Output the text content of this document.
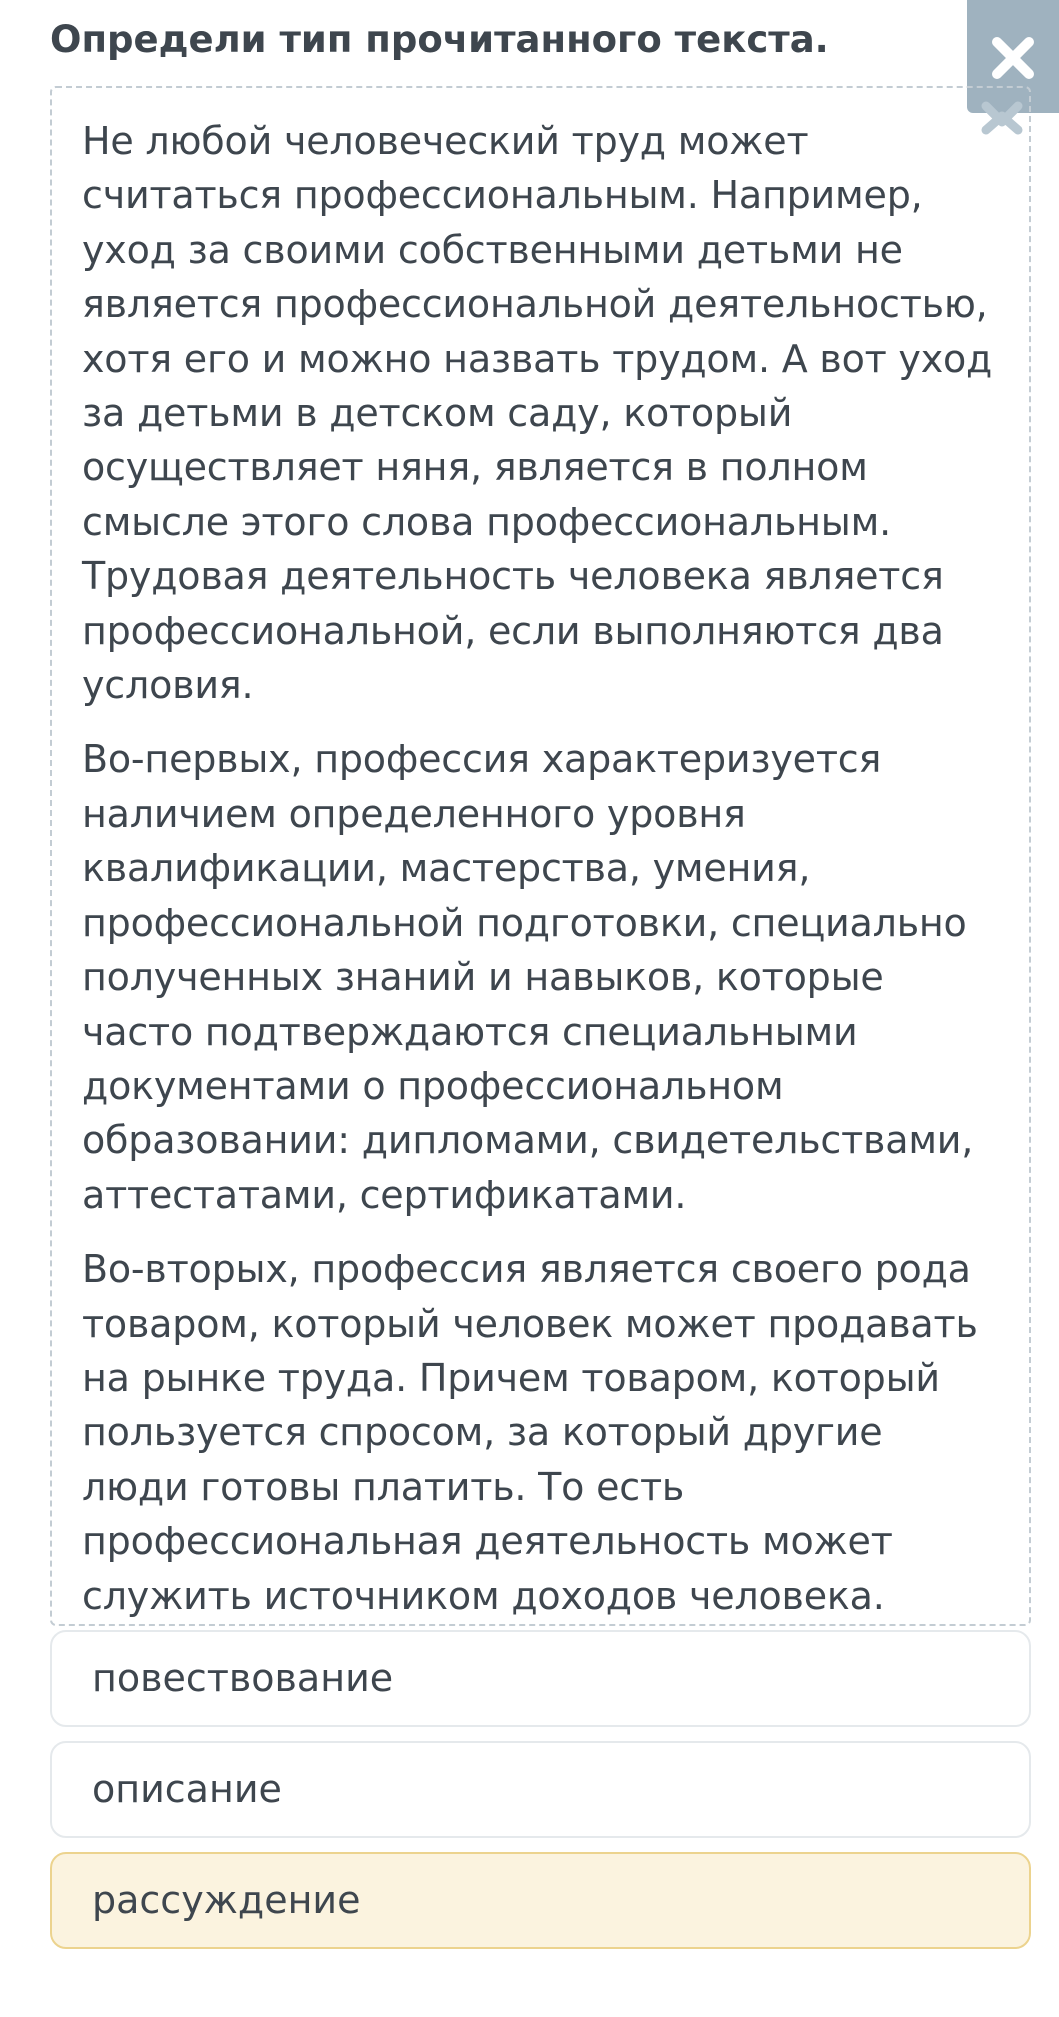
Определи тип прочитанного текста.

Не любой человеческий труд может считаться профессиональным. Например, уход за своими собственными детьми не является профессиональной деятельностью, хотя его и можно назвать трудом. А вот уход за детьми в детском саду, который осуществляет няня, является в полном смысле этого слова профессиональным. Трудовая деятельность человека является профессиональной, если выполняются два условия.

Во-первых, профессия характеризуется наличием определенного уровня квалификации, мастерства, умения, профессиональной подготовки, специально полученных знаний и навыков, которые часто подтверждаются специальными документами о профессиональном образовании: дипломами, свидетельствами, аттестатами, сертификатами.

Во-вторых, профессия является своего рода товаром, который человек может продавать на рынке труда. Причем товаром, который пользуется спросом, за который другие люди готовы платить. То есть профессиональная деятельность может служить источником доходов человека.

повествование
описание
рассуждение
